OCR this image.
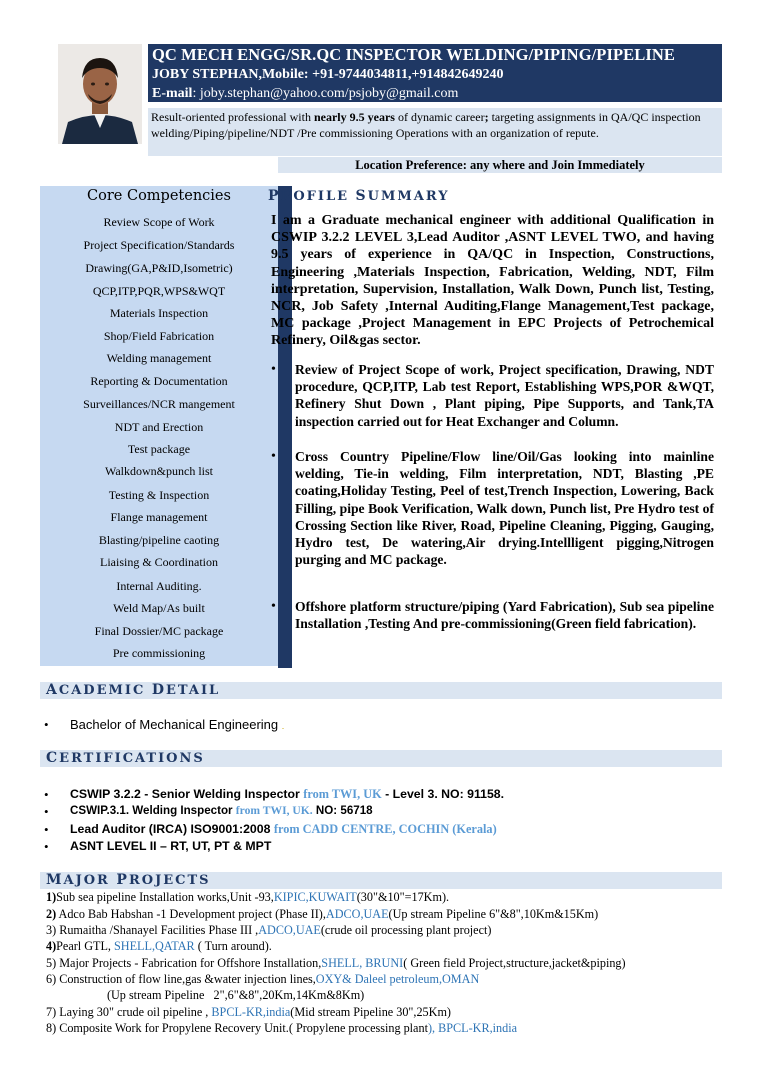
QC MECH ENGG/SR.QC INSPECTOR WELDING/PIPING/PIPELINE
JOBY STEPHAN,Mobile: +91-9744034811,+914842649240
E-mail: joby.stephan@yahoo.com/psjoby@gmail.com
Result-oriented professional with nearly 9.5 years of dynamic career; targeting assignments in QA/QC inspection welding/Piping/pipeline/NDT /Pre commissioning Operations with an organization of repute.
Location Preference: any where and Join Immediately
Core Competencies
Review Scope of Work
Project Specification/Standards
Drawing(GA,P&ID,Isometric)
QCP,ITP,PQR,WPS&WQT
Materials Inspection
Shop/Field Fabrication
Welding management
Reporting & Documentation
Surveillances/NCR mangement
NDT and Erection
Test package
Walkdown&punch list
Testing & Inspection
Flange management
Blasting/pipeline caoting
Liaising & Coordination
Internal Auditing.
Weld Map/As built
Final Dossier/MC package
Pre commissioning
PROFILE SUMMARY
I am a Graduate mechanical engineer with additional Qualification in CSWIP 3.2.2 LEVEL 3,Lead Auditor ,ASNT LEVEL TWO, and having 9.5 years of experience in QA/QC in Inspection, Constructions, Engineering ,Materials Inspection, Fabrication, Welding, NDT, Film interpretation, Supervision, Installation, Walk Down, Punch list, Testing, NCR, Job Safety ,Internal Auditing,Flange Management,Test package, MC package ,Project Management in EPC Projects of Petrochemical Refinery, Oil&gas sector.
• Review of Project Scope of work, Project specification, Drawing, NDT procedure, QCP,ITP, Lab test Report, Establishing WPS,POR &WQT, Refinery Shut Down , Plant piping, Pipe Supports, and Tank,TA inspection carried out for Heat Exchanger and Column.
• Cross Country Pipeline/Flow line/Oil/Gas looking into mainline welding, Tie-in welding, Film interpretation, NDT, Blasting ,PE coating,Holiday Testing, Peel of test,Trench Inspection, Lowering, Back Filling, pipe Book Verification, Walk down, Punch list, Pre Hydro test of Crossing Section like River, Road, Pipeline Cleaning, Pigging, Gauging, Hydro test, De watering,Air drying.Intellligent pigging,Nitrogen purging and MC package.
• Offshore platform structure/piping (Yard Fabrication), Sub sea pipeline Installation ,Testing And pre-commissioning(Green field fabrication).
ACADEMIC DETAIL
• Bachelor of Mechanical Engineering .
CERTIFICATIONS
• CSWIP 3.2.2 - Senior Welding Inspector from TWI, UK - Level 3. NO: 91158.
• CSWIP.3.1. Welding Inspector from TWI, UK. NO: 56718
• Lead Auditor (IRCA) ISO9001:2008 from CADD CENTRE, COCHIN (Kerala)
• ASNT LEVEL II – RT, UT, PT & MPT
MAJOR PROJECTS
1)Sub sea pipeline Installation works,Unit -93,KIPIC,KUWAIT(30"&10"=17Km).
2) Adco Bab Habshan -1 Development project (Phase II),ADCO,UAE(Up stream Pipeline 6"&8",10Km&15Km)
3) Rumaitha /Shanayel Facilities Phase III ,ADCO,UAE(crude oil processing plant project)
4)Pearl GTL, SHELL,QATAR ( Turn around).
5) Major Projects - Fabrication for Offshore Installation,SHELL, BRUNI( Green field Project,structure,jacket&piping)
6) Construction of flow line,gas &water injection lines,OXY& Daleel petroleum,OMAN
(Up stream Pipeline   2",6"&8",20Km,14Km&8Km)
7) Laying 30" crude oil pipeline , BPCL-KR,india(Mid stream Pipeline 30",25Km)
8) Composite Work for Propylene Recovery Unit.( Propylene processing plant), BPCL-KR,india
